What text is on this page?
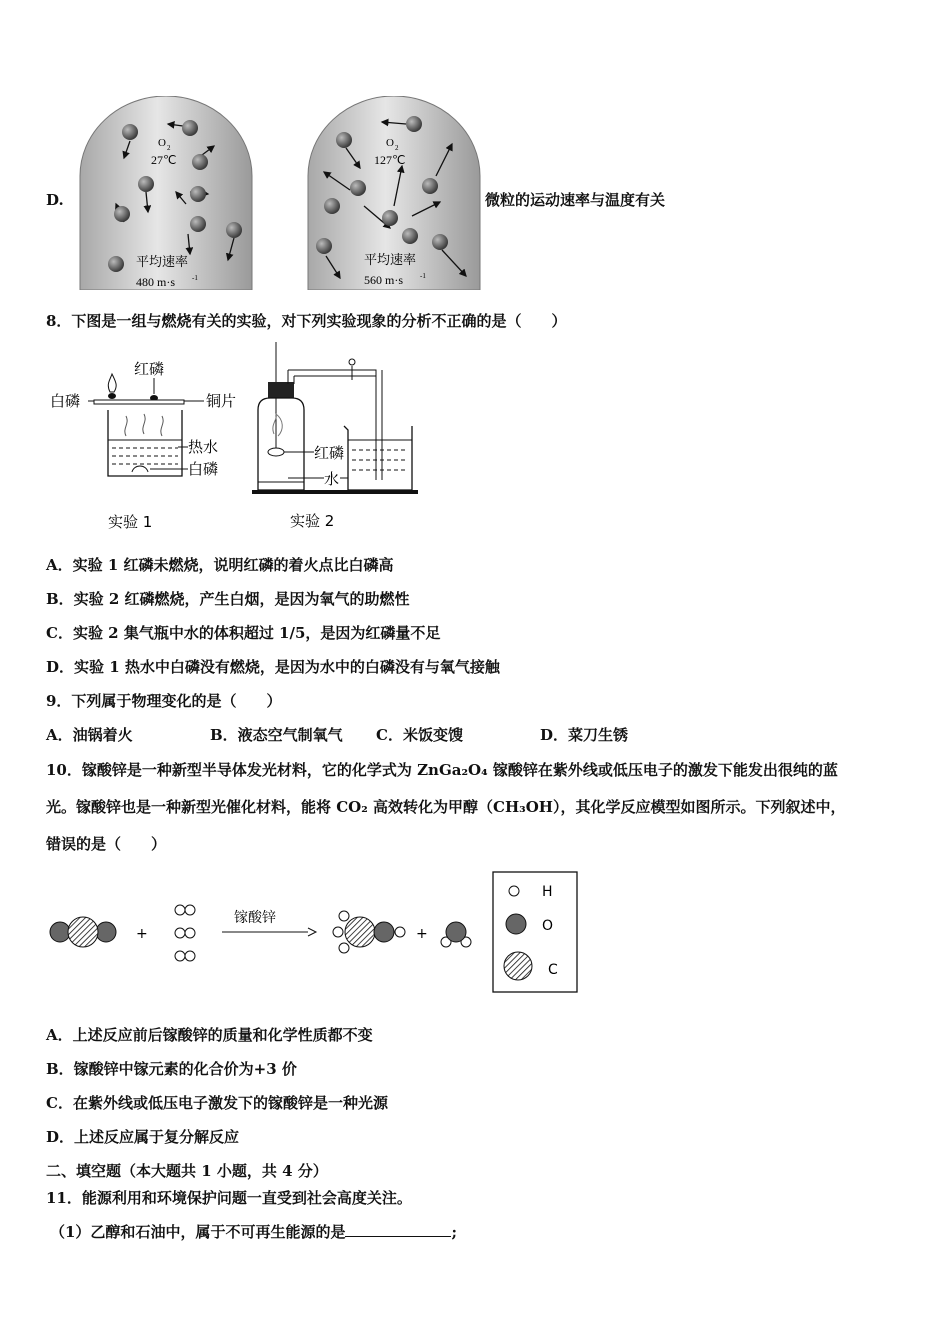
D.
O 2
27℃
平均速率
480 m·s -1
O 2
127℃
平均速率
560 m·s -1
微粒的运动速率与温度有关
8．下图是一组与燃烧有关的实验，对下列实验现象的分析不正确的是（　　）
红磷
白磷	铜片
热水
白磷
实验 1
红磷
水
实验 2
A．实验 1 红磷未燃烧，说明红磷的着火点比白磷高
B．实验 2 红磷燃烧，产生白烟，是因为氧气的助燃性
C．实验 2 集气瓶中水的体积超过 1/5，是因为红磷量不足
D．实验 1 热水中白磷没有燃烧，是因为水中的白磷没有与氧气接触
9．下列属于物理变化的是（　　）
A．油锅着火	B．液态空气制氧气 C．米饭变馊	D．菜刀生锈
10．镓酸锌是一种新型半导体发光材料，它的化学式为 ZnGa₂O₄ 镓酸锌在紫外线或低压电子的激发下能发出很纯的蓝
光。镓酸锌也是一种新型光催化材料，能将 CO₂ 高效转化为甲醇（CH₃OH），其化学反应模型如图所示。下列叙述中，
错误的是（　　）
+
镓酸锌
+
H
O
C
A．上述反应前后镓酸锌的质量和化学性质都不变
B．镓酸锌中镓元素的化合价为+3 价
C．在紫外线或低压电子激发下的镓酸锌是一种光源
D．上述反应属于复分解反应
二、填空题（本大题共 1 小题，共 4 分）
11．能源利用和环境保护问题一直受到社会高度关注。
（1）乙醇和石油中，属于不可再生能源的是	;
